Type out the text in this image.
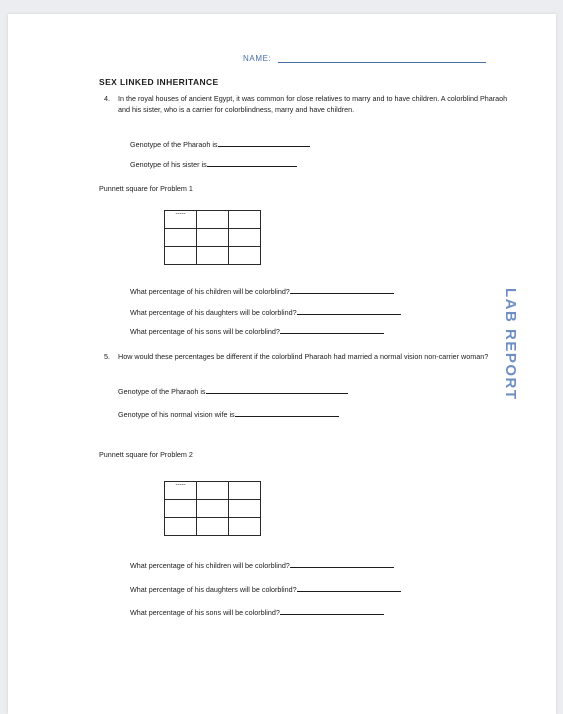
NAME:
SEX LINKED INHERITANCE
4. In the royal houses of ancient Egypt, it was common for close relatives to marry and to have children. A colorblind Pharaoh and his sister, who is a carrier for colorblindness, marry and have children.
Genotype of the Pharaoh is
Genotype of his sister is
Punnett square for Problem 1
-----		

What percentage of his children will be colorblind?
What percentage of his daughters will be colorblind?
What percentage of his sons will be colorblind?
5. How would these percentages be different if the colorblind Pharaoh had married a normal vision non-carrier woman?
Genotype of the Pharaoh is
Genotype of his normal vision wife is
Punnett square for Problem 2
-----		

What percentage of his children will be colorblind?
What percentage of his daughters will be colorblind?
What percentage of his sons will be colorblind?
LAB REPORT
